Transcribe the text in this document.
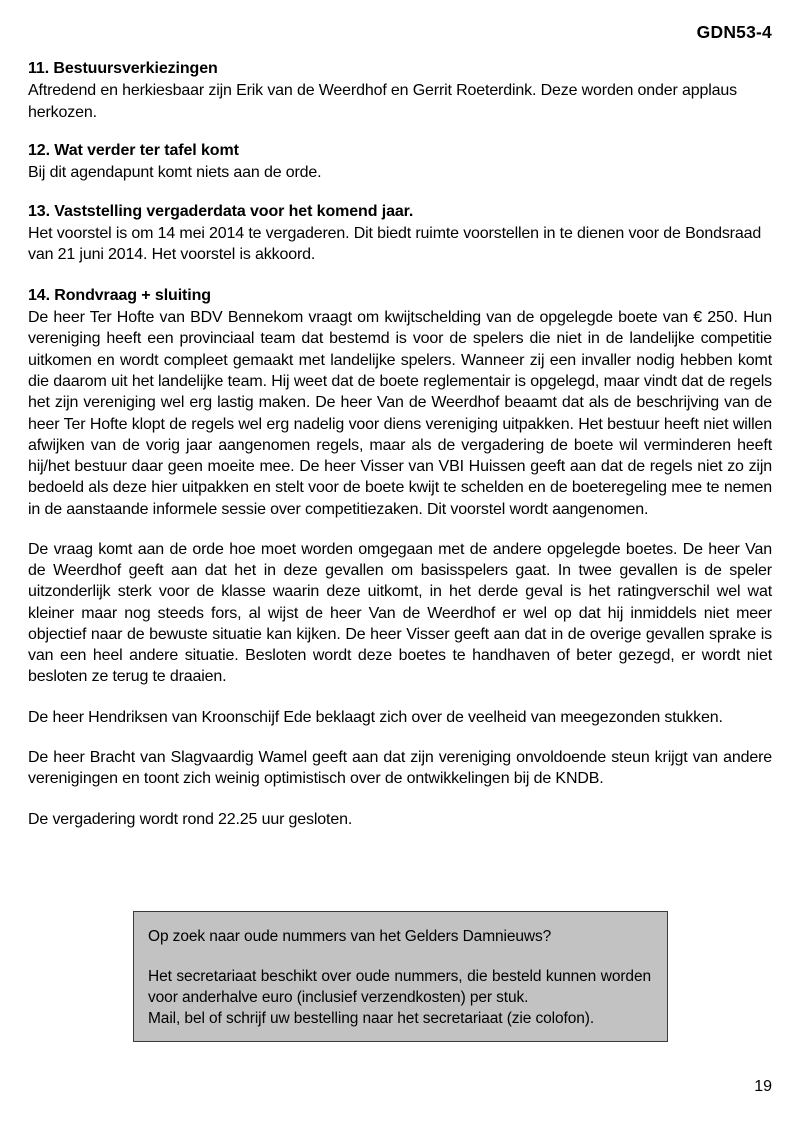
GDN53-4
11. Bestuursverkiezingen

Aftredend en herkiesbaar zijn Erik van de Weerdhof en Gerrit Roeterdink. Deze worden onder applaus herkozen.

12. Wat verder ter tafel komt

Bij dit agendapunt komt niets aan de orde.

13. Vaststelling vergaderdata voor het komend jaar.

Het voorstel is om 14 mei 2014 te vergaderen. Dit biedt ruimte voorstellen in te dienen voor de Bondsraad van 21 juni 2014. Het voorstel is akkoord.

14. Rondvraag + sluiting

De heer Ter Hofte van BDV Bennekom vraagt om kwijtschelding van de opgelegde boete van € 250. Hun vereniging heeft een provinciaal team dat bestemd is voor de spelers die niet in de landelijke competitie uitkomen en wordt compleet gemaakt met landelijke spelers. Wanneer zij een invaller nodig hebben komt die daarom uit het landelijke team. Hij weet dat de boete reglementair is opgelegd, maar vindt dat de regels het zijn vereniging wel erg lastig maken. De heer Van de Weerdhof beaamt dat als de beschrijving van de heer Ter Hofte klopt de regels wel erg nadelig voor diens vereniging uitpakken. Het bestuur heeft niet willen afwijken van de vorig jaar aangenomen regels, maar als de vergadering de boete wil verminderen heeft hij/het bestuur daar geen moeite mee. De heer Visser van VBI Huissen geeft aan dat de regels niet zo zijn bedoeld als deze hier uitpakken en stelt voor de boete kwijt te schelden en de boeteregeling mee te nemen in de aanstaande informele sessie over competitiezaken. Dit voorstel wordt aangenomen.

De vraag komt aan de orde hoe moet worden omgegaan met de andere opgelegde boetes. De heer Van de Weerdhof geeft aan dat het in deze gevallen om basisspelers gaat. In twee gevallen is de speler uitzonderlijk sterk voor de klasse waarin deze uitkomt, in het derde geval is het ratingverschil wel wat kleiner maar nog steeds fors, al wijst de heer Van de Weerdhof er wel op dat hij inmiddels niet meer objectief naar de bewuste situatie kan kijken. De heer Visser geeft aan dat in de overige gevallen sprake is van een heel andere situatie. Besloten wordt deze boetes te handhaven of beter gezegd, er wordt niet besloten ze terug te draaien.

De heer Hendriksen van Kroonschijf Ede beklaagt zich over de veelheid van meegezonden stukken.

De heer Bracht van Slagvaardig Wamel geeft aan dat zijn vereniging onvoldoende steun krijgt van andere verenigingen en toont zich weinig optimistisch over de ontwikkelingen bij de KNDB.

De vergadering wordt rond 22.25 uur gesloten.

Op zoek naar oude nummers van het Gelders Damnieuws?

Het secretariaat beschikt over oude nummers, die besteld kunnen worden voor anderhalve euro (inclusief verzendkosten) per stuk.

Mail, bel of schrijf uw bestelling naar het secretariaat (zie colofon).

19
